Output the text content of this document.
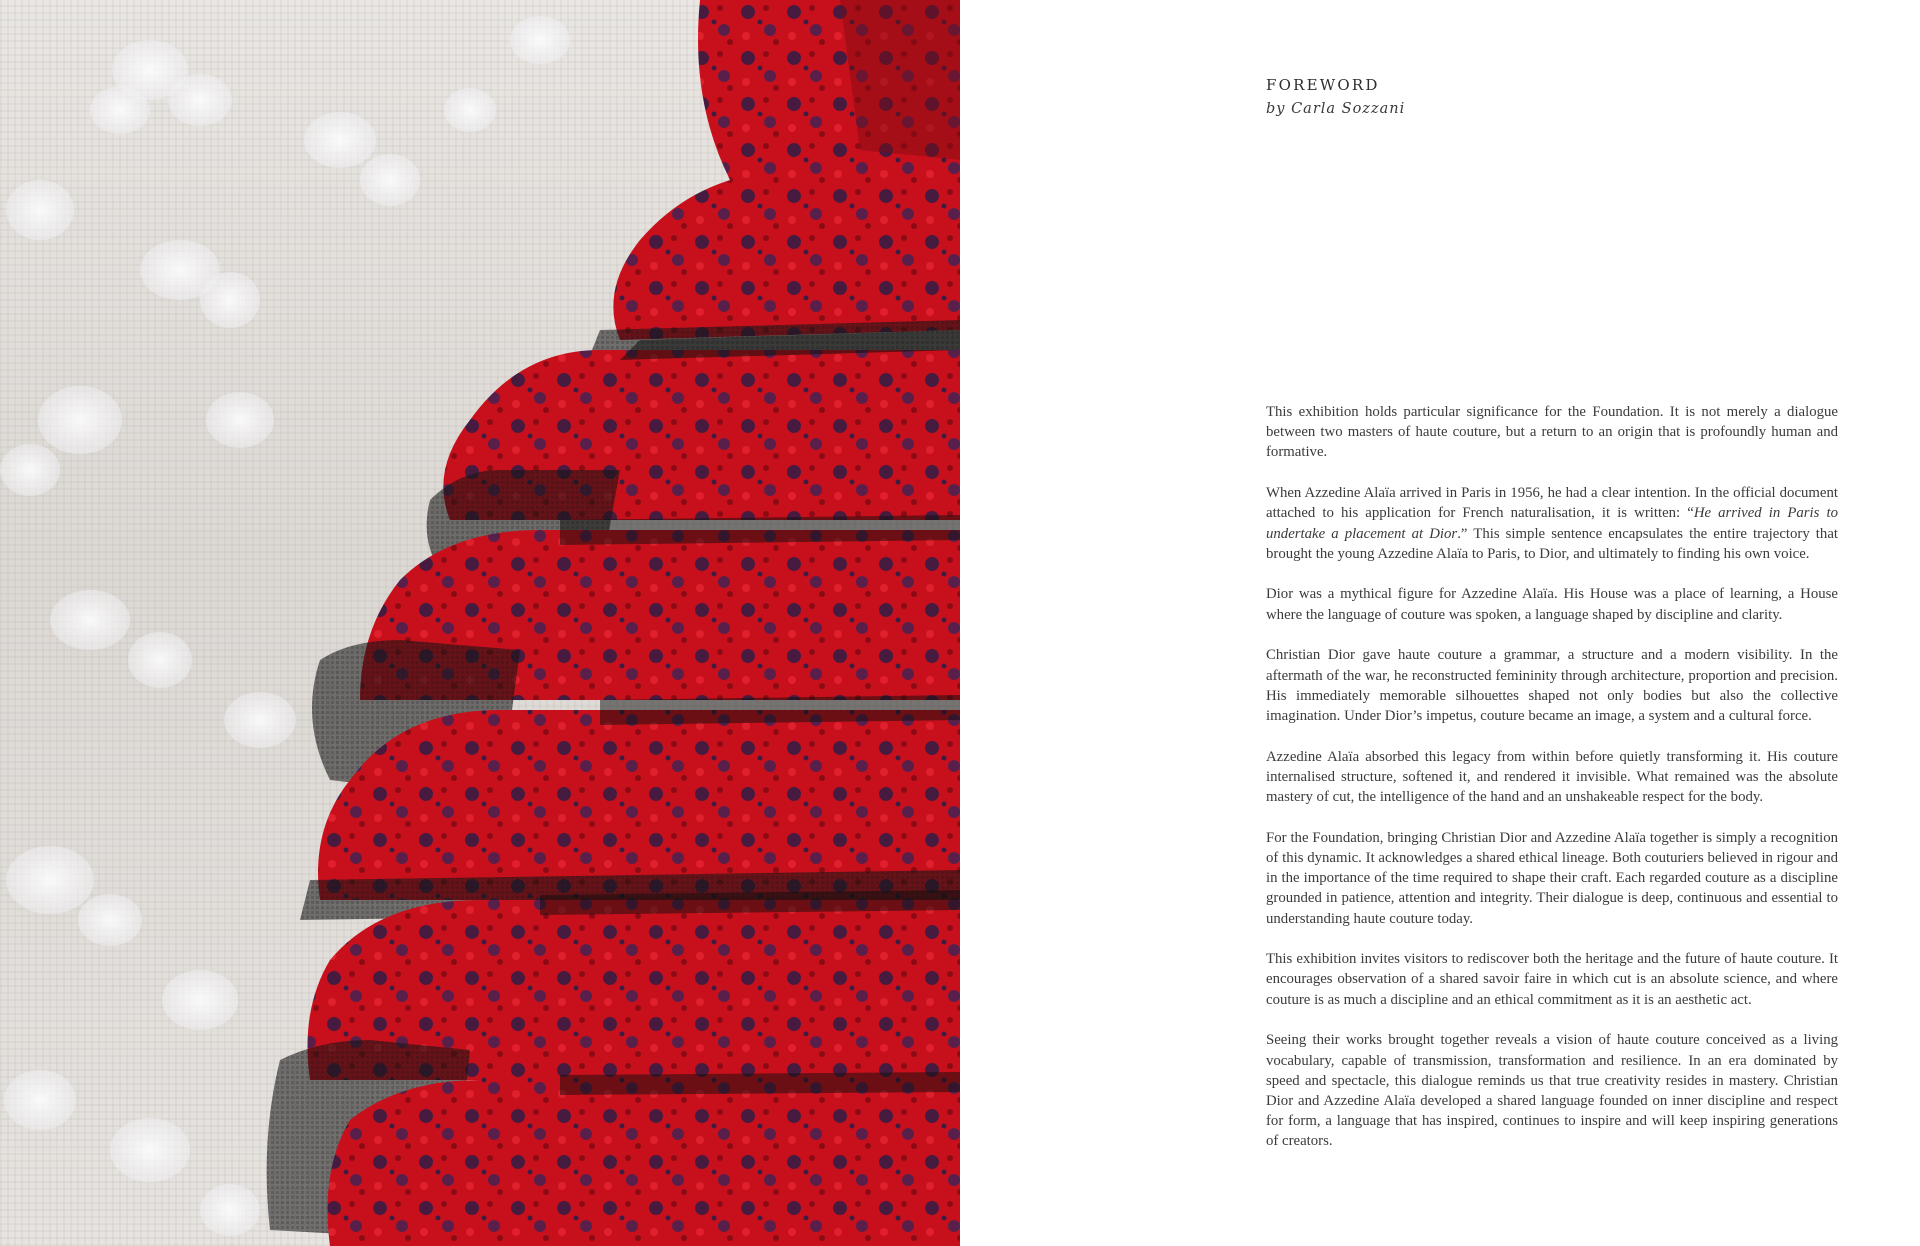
FOREWORD

by Carla Sozzani

This exhibition holds particular significance for the Foundation. It is not merely a dialogue between two masters of haute couture, but a return to an origin that is profoundly human and formative.

When Azzedine Alaïa arrived in Paris in 1956, he had a clear intention. In the official document attached to his application for French naturalisation, it is written: “He arrived in Paris to undertake a placement at Dior.” This simple sentence encapsulates the entire trajectory that brought the young Azzedine Alaïa to Paris, to Dior, and ultimately to finding his own voice.

Dior was a mythical figure for Azzedine Alaïa. His House was a place of learning, a House where the language of couture was spoken, a language shaped by discipline and clarity.

Christian Dior gave haute couture a grammar, a structure and a modern visibility. In the aftermath of the war, he reconstructed femininity through architecture, proportion and precision. His immediately memorable silhouettes shaped not only bodies but also the collective imagination. Under Dior’s impetus, couture became an image, a system and a cultural force.

Azzedine Alaïa absorbed this legacy from within before quietly transforming it. His couture internalised structure, softened it, and rendered it invisible. What remained was the absolute mastery of cut, the intelligence of the hand and an unshakeable respect for the body.

For the Foundation, bringing Christian Dior and Azzedine Alaïa together is simply a recognition of this dynamic. It acknowledges a shared ethical lineage. Both couturiers believed in rigour and in the importance of the time required to shape their craft. Each regarded couture as a discipline grounded in patience, attention and integrity. Their dialogue is deep, continuous and essential to understanding haute couture today.

This exhibition invites visitors to rediscover both the heritage and the future of haute couture. It encourages observation of a shared savoir faire in which cut is an absolute science, and where couture is as much a discipline and an ethical commitment as it is an aesthetic act.

Seeing their works brought together reveals a vision of haute couture conceived as a living vocabulary, capable of transmission, transformation and resilience. In an era dominated by speed and spectacle, this dialogue reminds us that true creativity resides in mastery. Christian Dior and Azzedine Alaïa developed a shared language founded on inner discipline and respect for form, a language that has inspired, continues to inspire and will keep inspiring generations of creators.
